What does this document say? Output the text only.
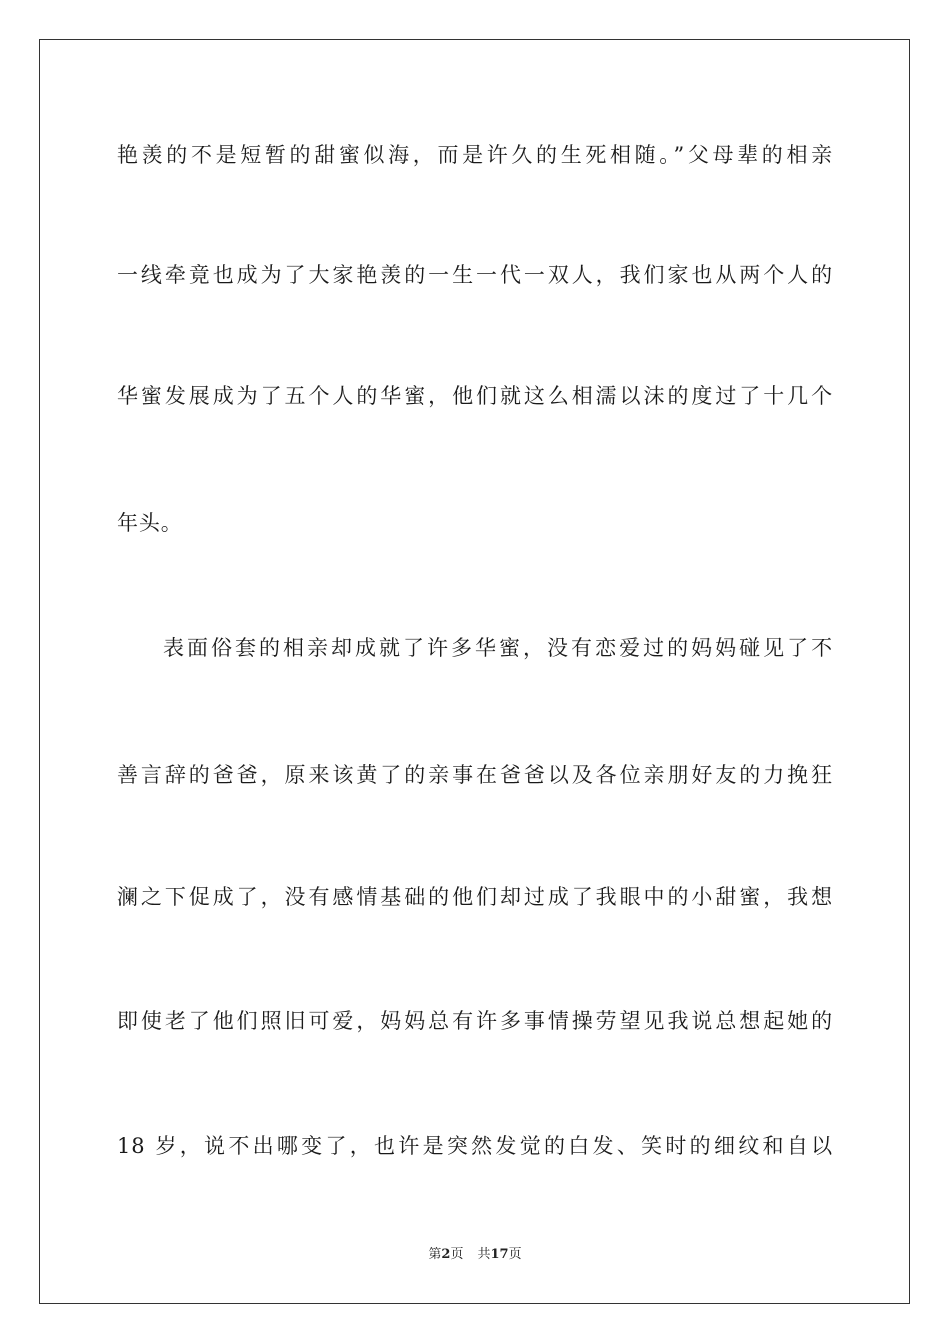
艳羡的不是短暂的甜蜜似海，而是许久的生死相随。”父母辈的相亲
一线牵竟也成为了大家艳羡的一生一代一双人，我们家也从两个人的
华蜜发展成为了五个人的华蜜，他们就这么相濡以沫的度过了十几个
年头。
表面俗套的相亲却成就了许多华蜜，没有恋爱过的妈妈碰见了不
善言辞的爸爸，原来该黄了的亲事在爸爸以及各位亲朋好友的力挽狂
澜之下促成了，没有感情基础的他们却过成了我眼中的小甜蜜，我想
即使老了他们照旧可爱，妈妈总有许多事情操劳望见我说总想起她的
18 岁，说不出哪变了，也许是突然发觉的白发、笑时的细纹和自以
第2页 共17页
